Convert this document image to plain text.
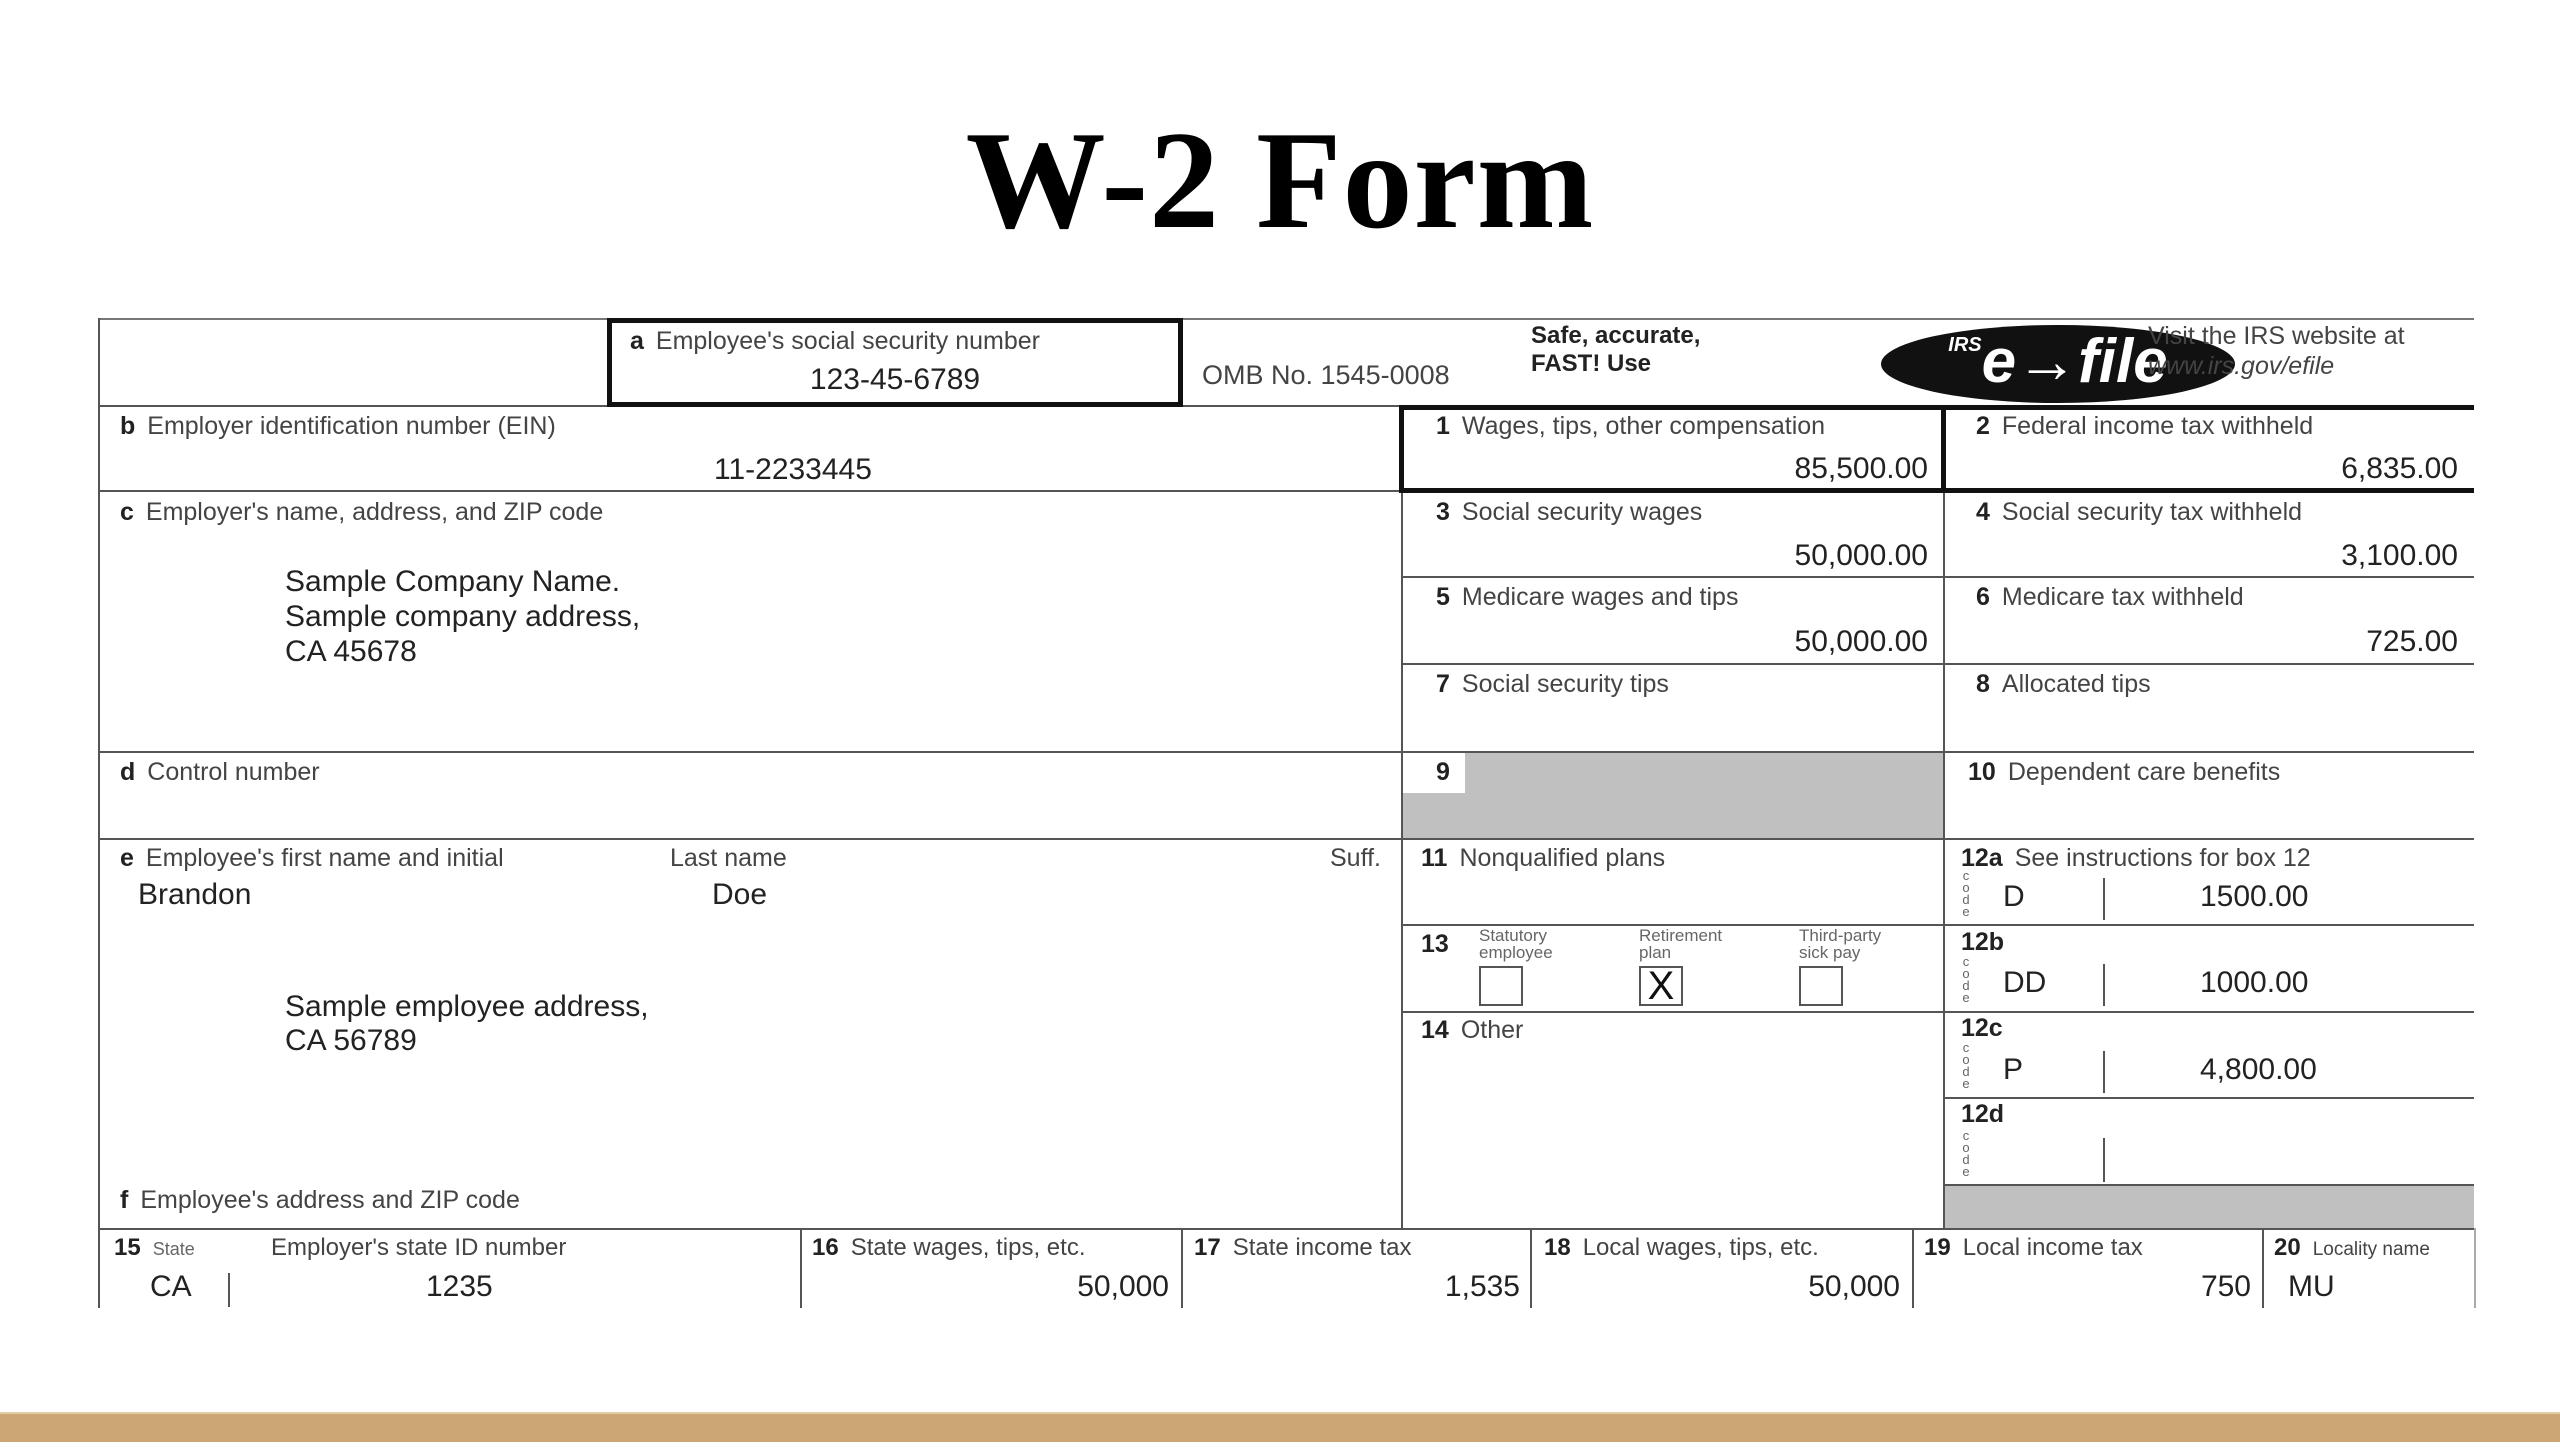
W-2 Form
a Employee's social security number
123-45-6789	OMB No. 1545-0008
Safe, accurate,
FAST! Use
$^{IRS}$e→file
Visit the IRS website at
www.irs.gov/efile
b Employer identification number (EIN)
11-2233445
c Employer's name, address, and ZIP code
Sample Company Name.
Sample company address,
CA 45678
d Control number
e Employee's first name and initial	Last name	Suff.
Brandon	Doe
Sample employee address,
CA 56789
f Employee's address and ZIP code
1 Wages, tips, other compensation
85,500.00
2 Federal income tax withheld
6,835.00
3 Social security wages
50,000.00
4 Social security tax withheld
3,100.00
5 Medicare wages and tips
50,000.00
6 Medicare tax withheld
725.00
7 Social security tips	8 Allocated tips
9	10 Dependent care benefits
11 Nonqualified plans	12a See instructions for box 12
D	1500.00
12b
DD	1000.00
12c
P	4,800.00
12d
c
o
d
e
c
o
d
e
c
o
d
e
c
o
d
e
13	Statutory
employee
Retirement
plan
X
Third-party
sick pay
14 Other
15 State	Employer's state ID number
CA	1235
16 State wages, tips, etc.
50,000
17 State income tax
1,535
18 Local wages, tips, etc.
50,000
19 Local income tax
750
20 Locality name
MU
